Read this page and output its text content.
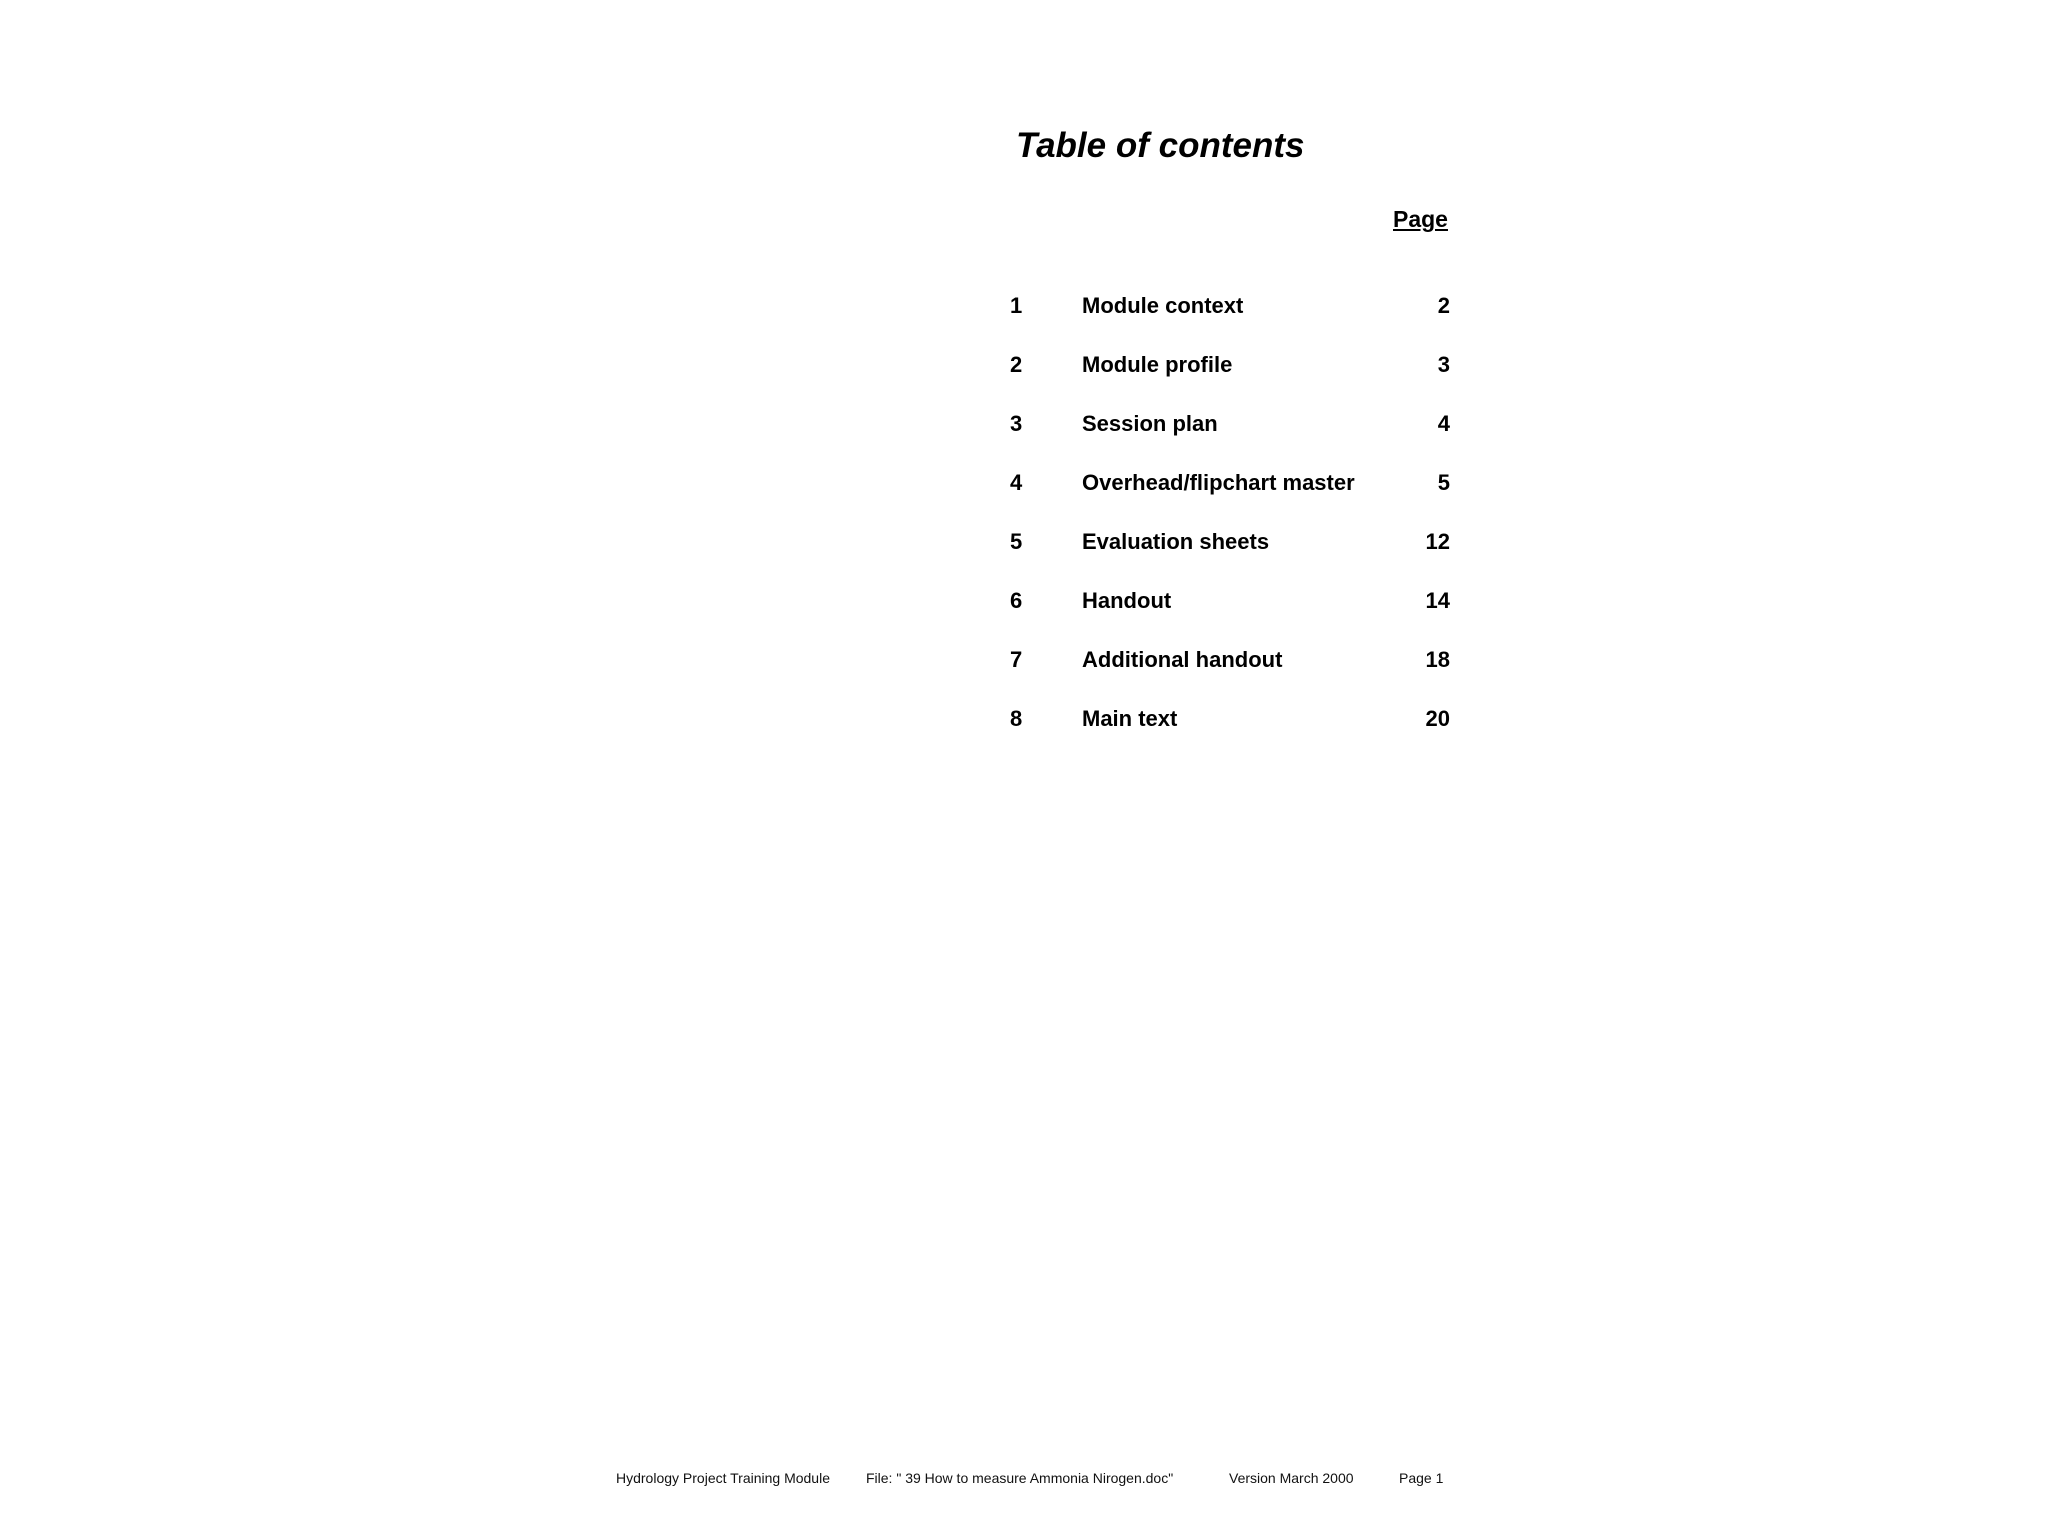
Table of contents
Page
1	Module context	2
2	Module profile	3
3	Session plan	4
4	Overhead/flipchart master	5
5	Evaluation sheets	12
6	Handout	14
7	Additional handout	18
8	Main text	20
Hydrology Project Training Module	File: " 39 How to measure Ammonia Nirogen.doc"	Version March 2000	Page 1
